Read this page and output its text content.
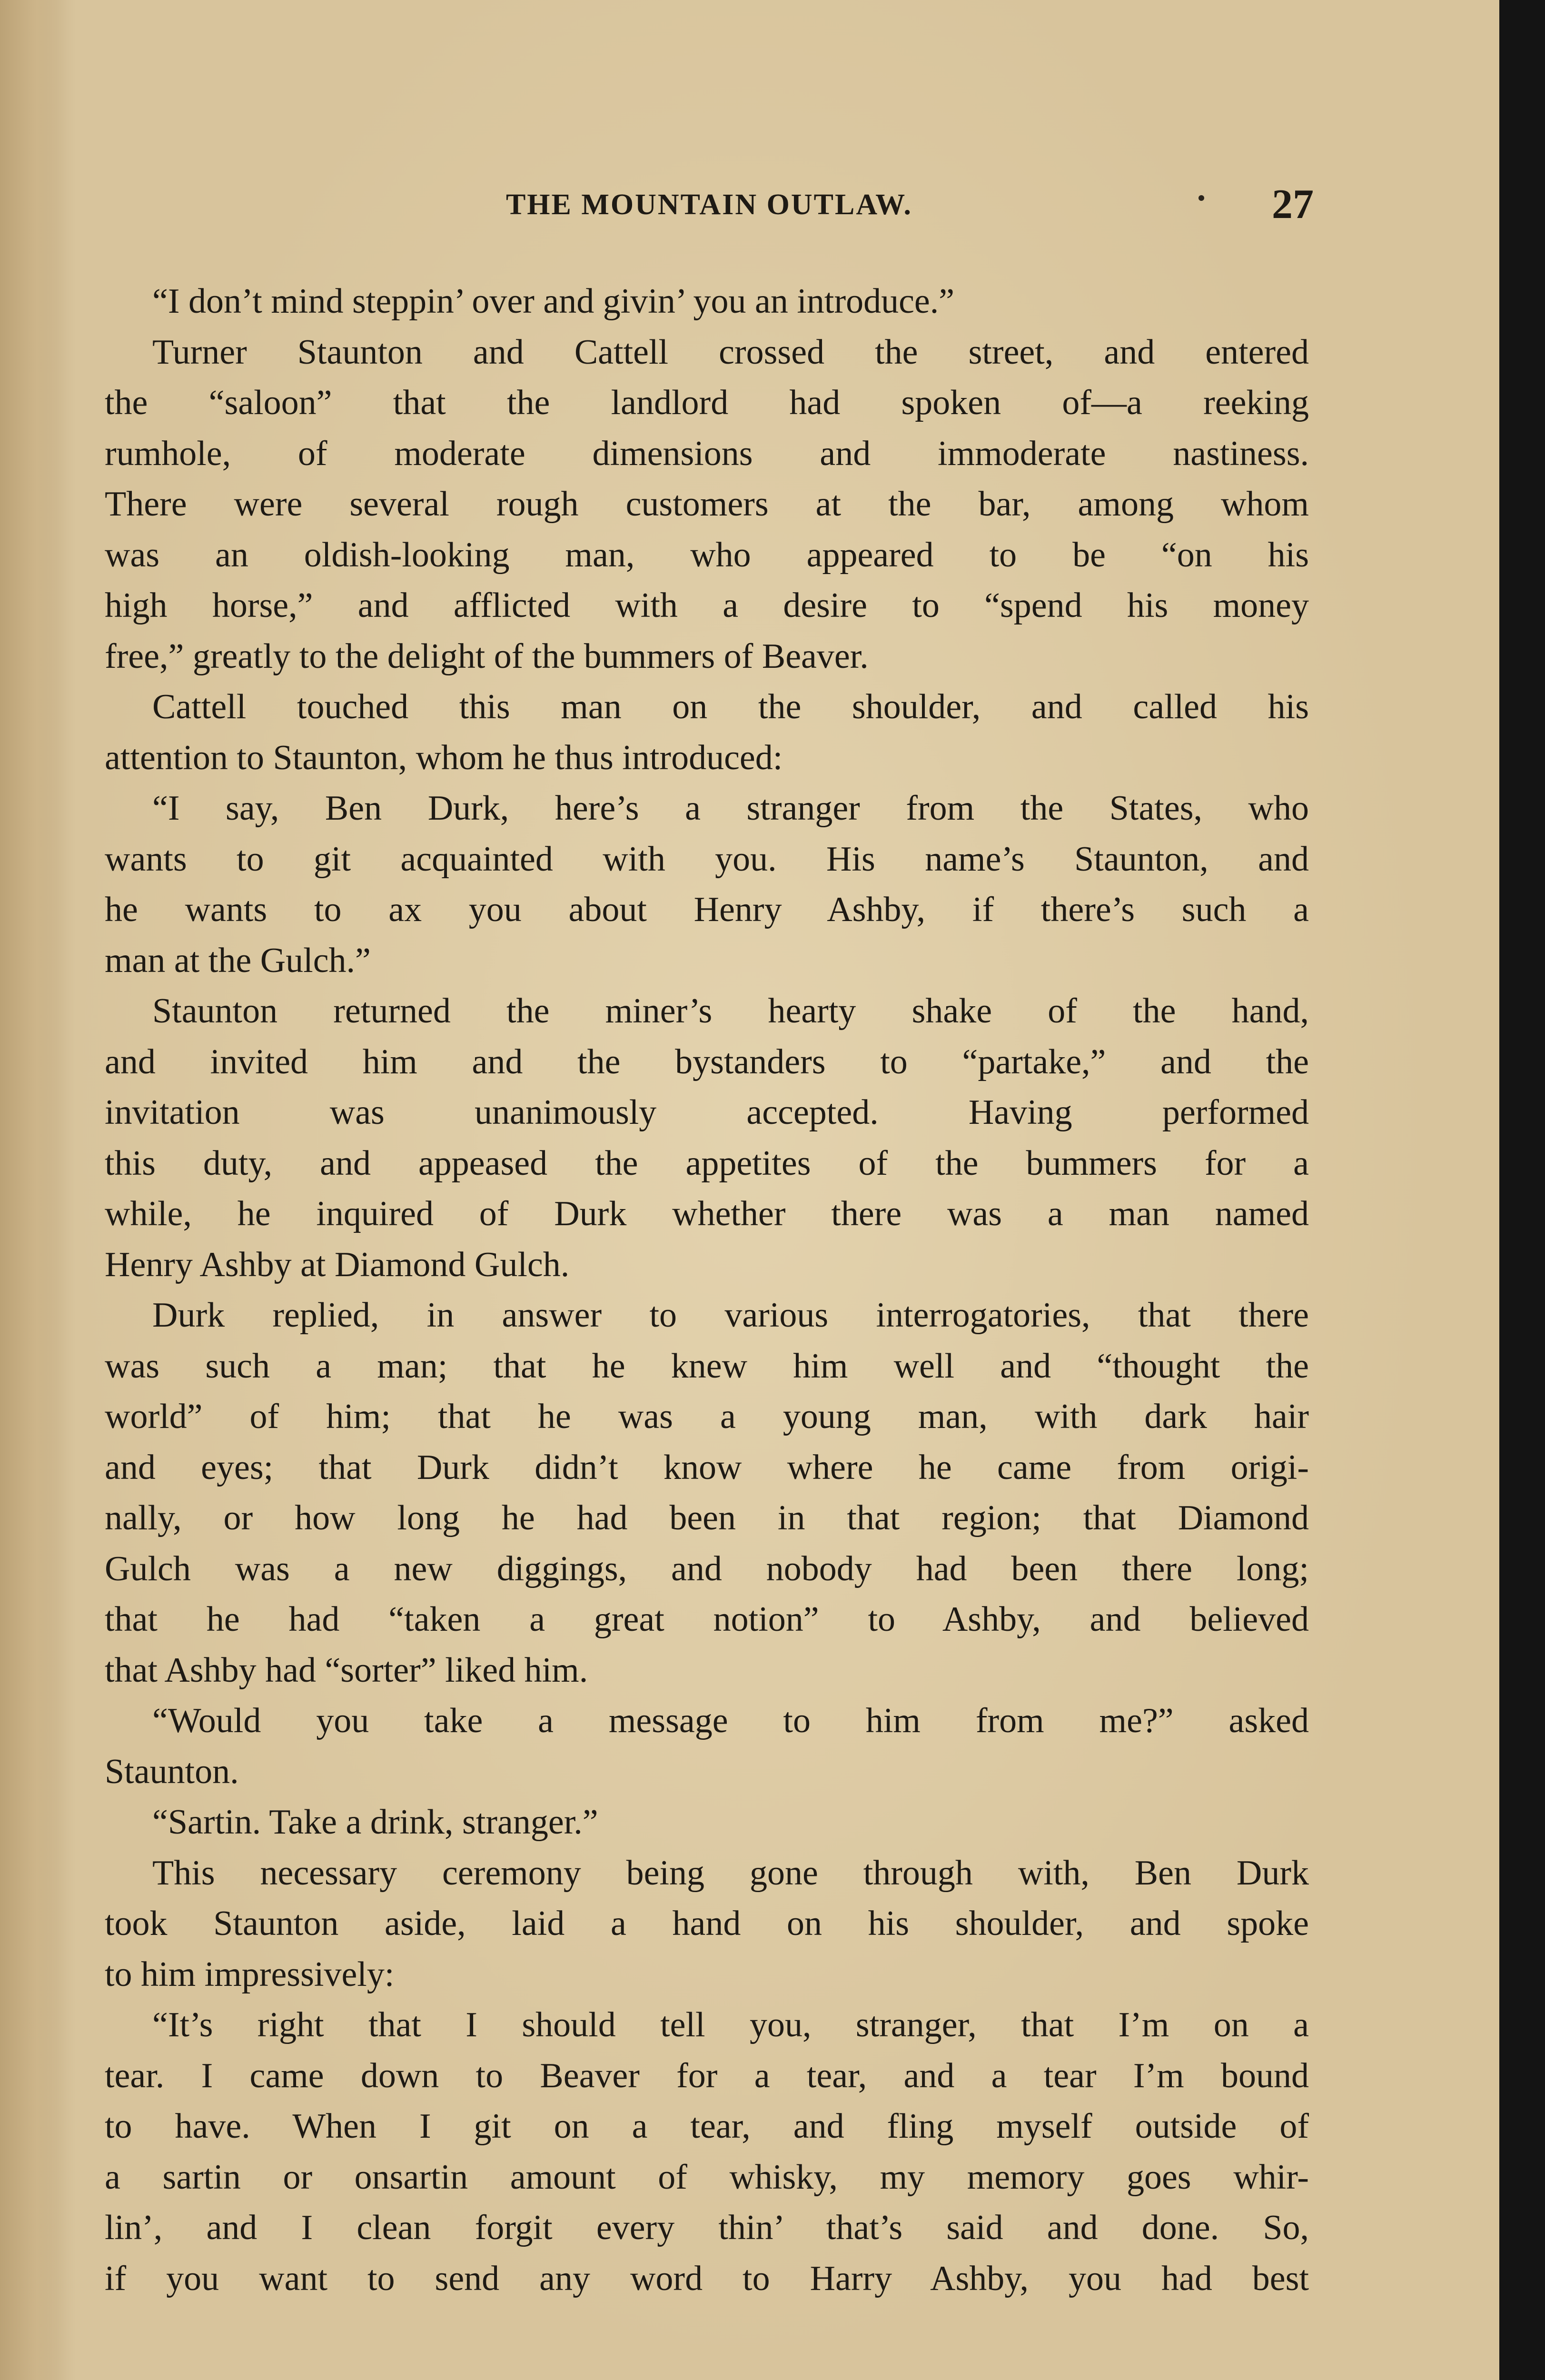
THE MOUNTAIN OUTLAW.	27
“I don’t mind steppin’ over and givin’ you an introduce.”
Turner Staunton and Cattell crossed the street, and entered
the “saloon” that the landlord had spoken of—a reeking
rumhole, of moderate dimensions and immoderate nastiness.
There were several rough customers at the bar, among whom
was an oldish-looking man, who appeared to be “on his
high horse,” and afflicted with a desire to “spend his money
free,” greatly to the delight of the bummers of Beaver.
Cattell touched this man on the shoulder, and called his
attention to Staunton, whom he thus introduced:
“I say, Ben Durk, here’s a stranger from the States, who
wants to git acquainted with you. His name’s Staunton, and
he wants to ax you about Henry Ashby, if there’s such a
man at the Gulch.”
Staunton returned the miner’s hearty shake of the hand,
and invited him and the bystanders to “partake,” and the
invitation was unanimously accepted. Having performed
this duty, and appeased the appetites of the bummers for a
while, he inquired of Durk whether there was a man named
Henry Ashby at Diamond Gulch.
Durk replied, in answer to various interrogatories, that there
was such a man; that he knew him well and “thought the
world” of him; that he was a young man, with dark hair
and eyes; that Durk didn’t know where he came from origi-
nally, or how long he had been in that region; that Diamond
Gulch was a new diggings, and nobody had been there long;
that he had “taken a great notion” to Ashby, and believed
that Ashby had “sorter” liked him.
“Would you take a message to him from me?” asked
Staunton.
“Sartin. Take a drink, stranger.”
This necessary ceremony being gone through with, Ben Durk
took Staunton aside, laid a hand on his shoulder, and spoke
to him impressively:
“It’s right that I should tell you, stranger, that I’m on a
tear. I came down to Beaver for a tear, and a tear I’m bound
to have. When I git on a tear, and fling myself outside of
a sartin or onsartin amount of whisky, my memory goes whir-
lin’, and I clean forgit every thin’ that’s said and done. So,
if you want to send any word to Harry Ashby, you had best
